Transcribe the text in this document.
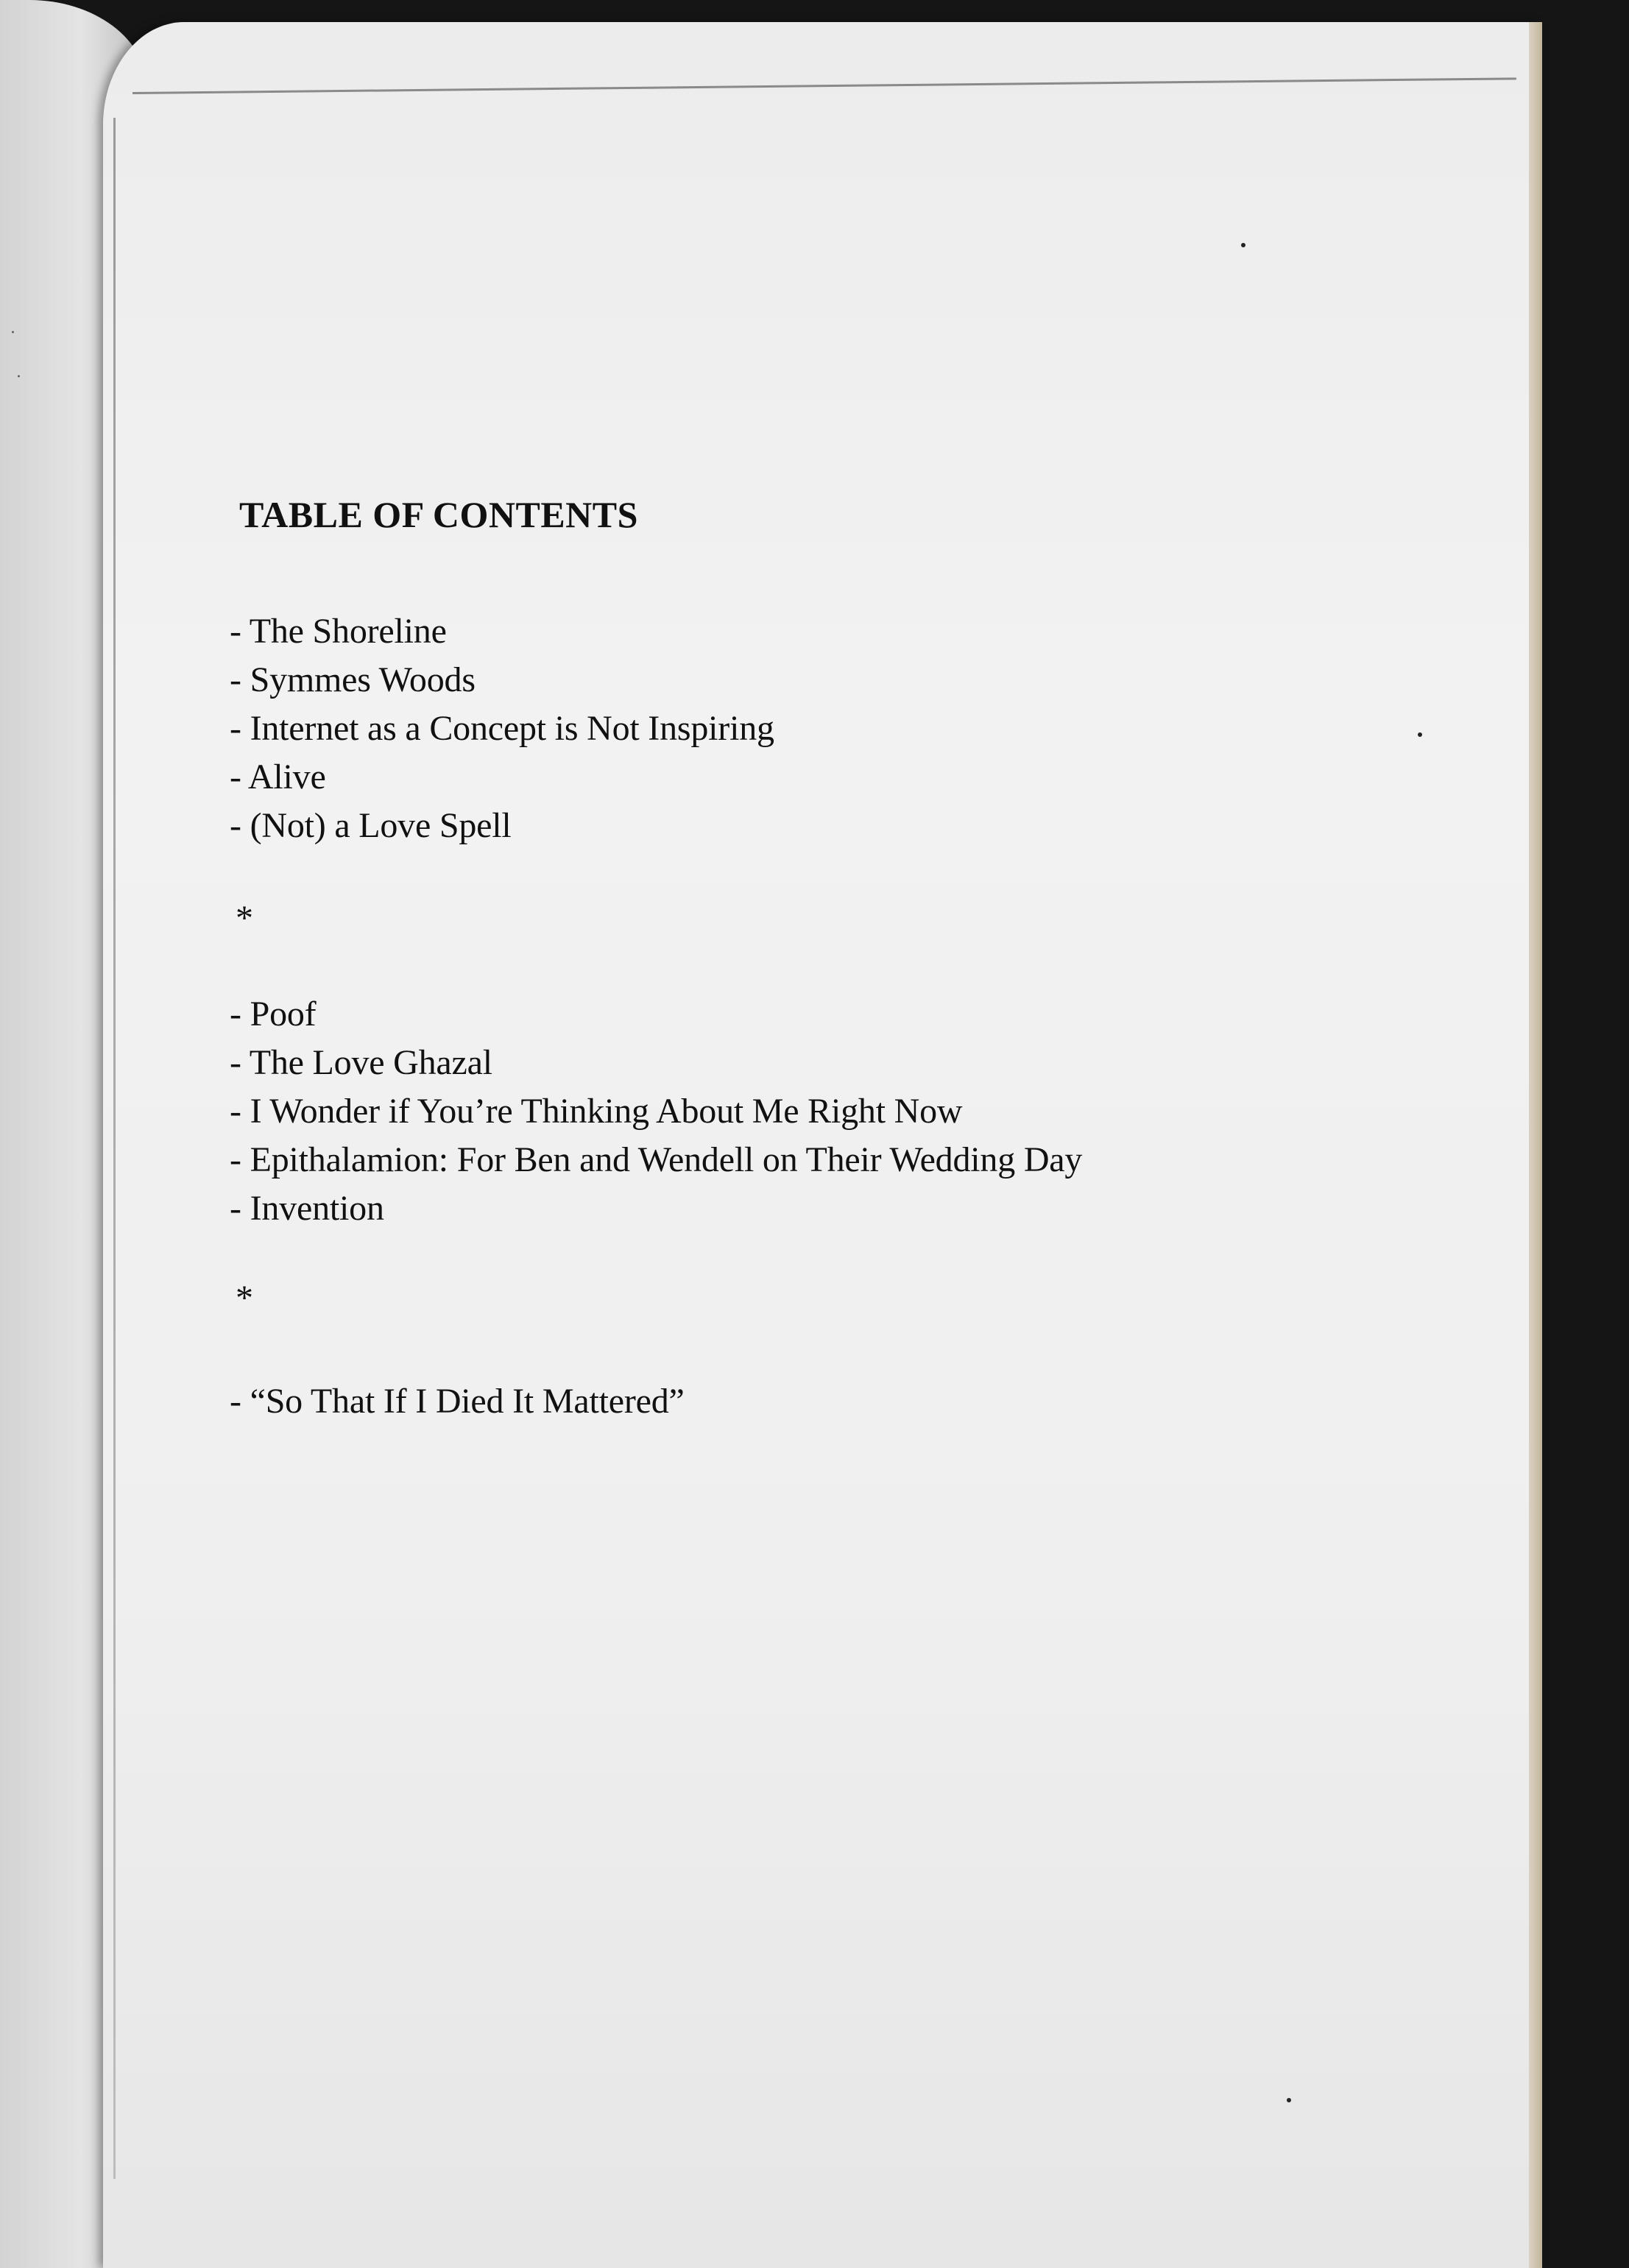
·
·
TABLE OF CONTENTS
- The Shoreline
- Symmes Woods
- Internet as a Concept is Not Inspiring
- Alive
- (Not) a Love Spell
*
- Poof
- The Love Ghazal
- I Wonder if You’re Thinking About Me Right Now
- Epithalamion: For Ben and Wendell on Their Wedding Day
- Invention
*
- “So That If I Died It Mattered”
